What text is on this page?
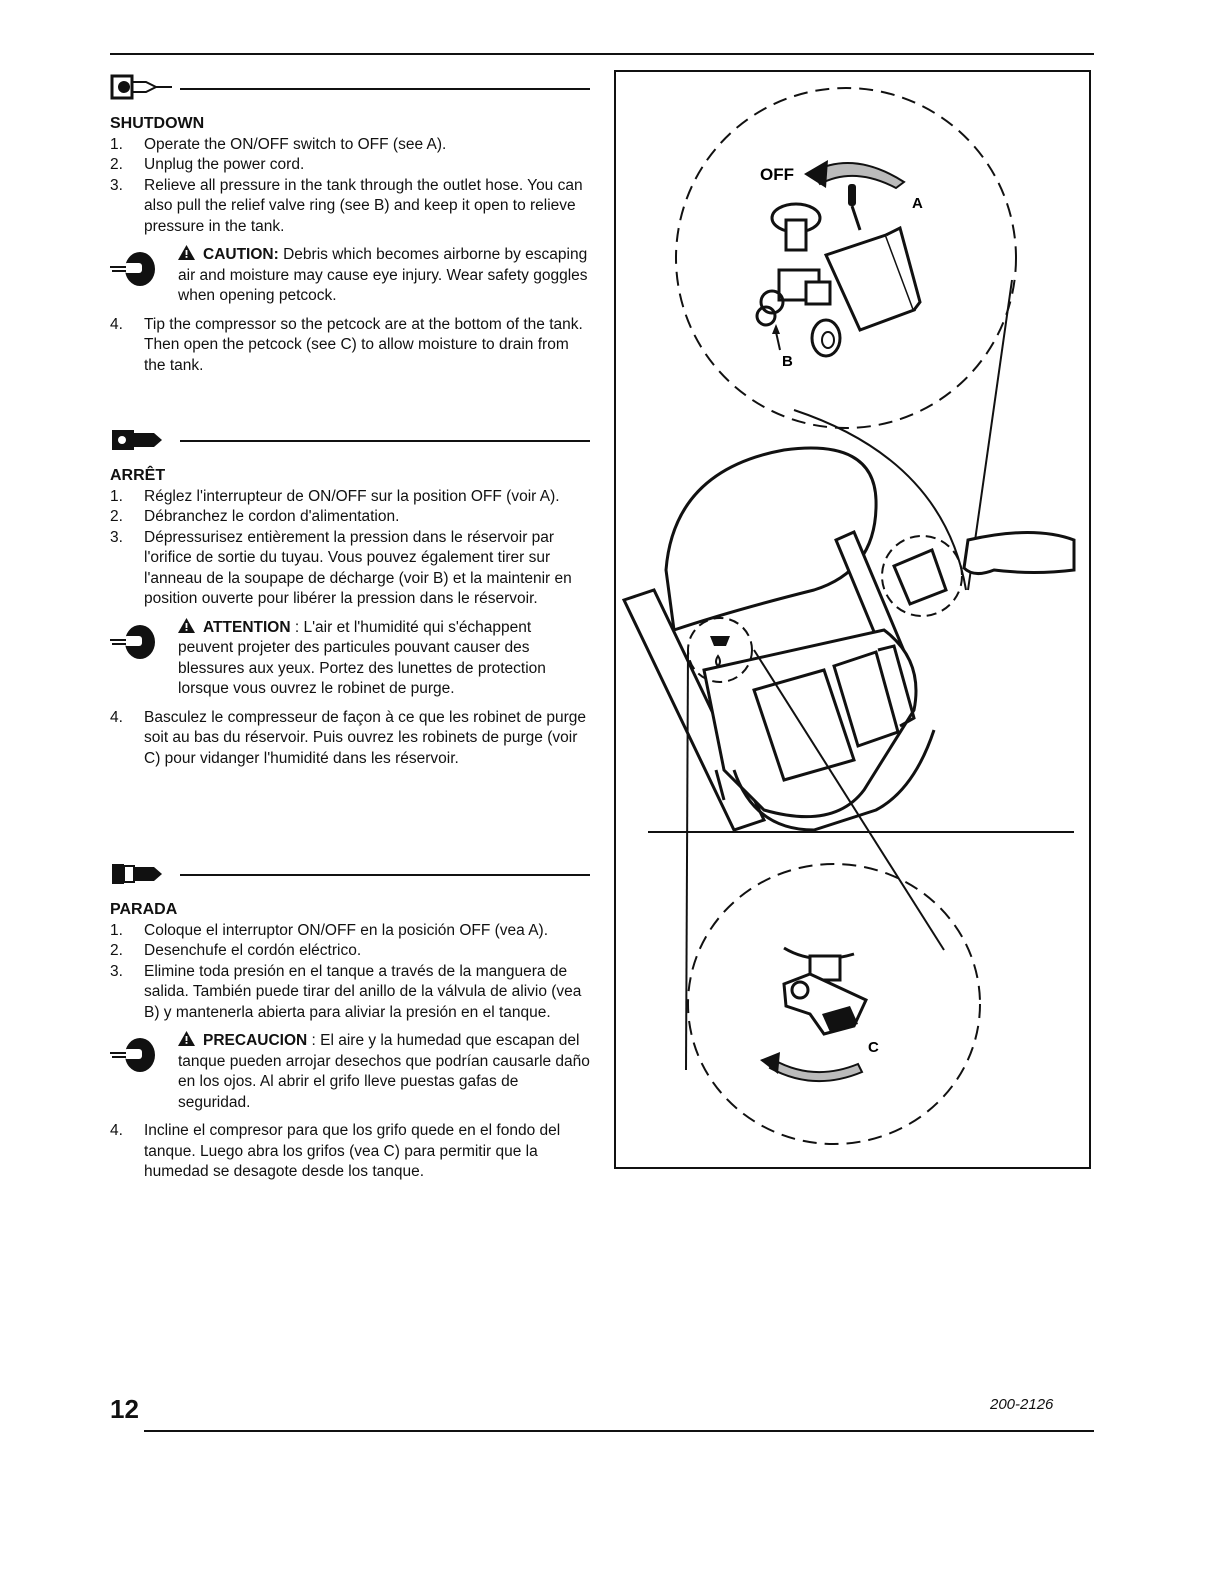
SHUTDOWN
1. Operate the ON/OFF switch to OFF (see A).
2. Unplug the power cord.
3. Relieve all pressure in the tank through the outlet hose. You can also pull the relief valve ring (see B) and keep it open to relieve pressure in the tank.
CAUTION: Debris which becomes airborne by escaping air and moisture may cause eye injury. Wear safety goggles when opening petcock.
4. Tip the compressor so the petcock are at the bottom of the tank. Then open the petcock (see C) to allow moisture to drain from the tank.
ARRÊT
1. Réglez l'interrupteur de ON/OFF sur la position OFF (voir A).
2. Débranchez le cordon d'alimentation.
3. Dépressurisez entièrement la pression dans le réservoir par l'orifice de sortie du tuyau. Vous pouvez également tirer sur l'anneau de la soupape de décharge (voir B) et la maintenir en position ouverte pour libérer la pression dans le réservoir.
ATTENTION : L'air et l'humidité qui s'échappent peuvent projeter des particules pouvant causer des blessures aux yeux. Portez des lunettes de protection lorsque vous ouvrez le robinet de purge.
4. Basculez le compresseur de façon à ce que les robinet de purge soit au bas du réservoir. Puis ouvrez les robinets de purge (voir C) pour vidanger l'humidité dans les réservoir.
PARADA
1. Coloque el interruptor ON/OFF en la posición OFF (vea A).
2. Desenchufe el cordón eléctrico.
3. Elimine toda presión en el tanque a través de la manguera de salida. También puede tirar del anillo de la válvula de alivio (vea B) y mantenerla abierta para aliviar la presión en el tanque.
PRECAUCION : El aire y la humedad que escapan del tanque pueden arrojar desechos que podrían causarle daño en los ojos. Al abrir el grifo lleve puestas gafas de seguridad.
4. Incline el compresor para que los grifo quede en el fondo del tanque. Luego abra los grifos (vea C) para permitir que la humedad se desagote desde los tanque.
OFF
A
B
C
12	200-2126
